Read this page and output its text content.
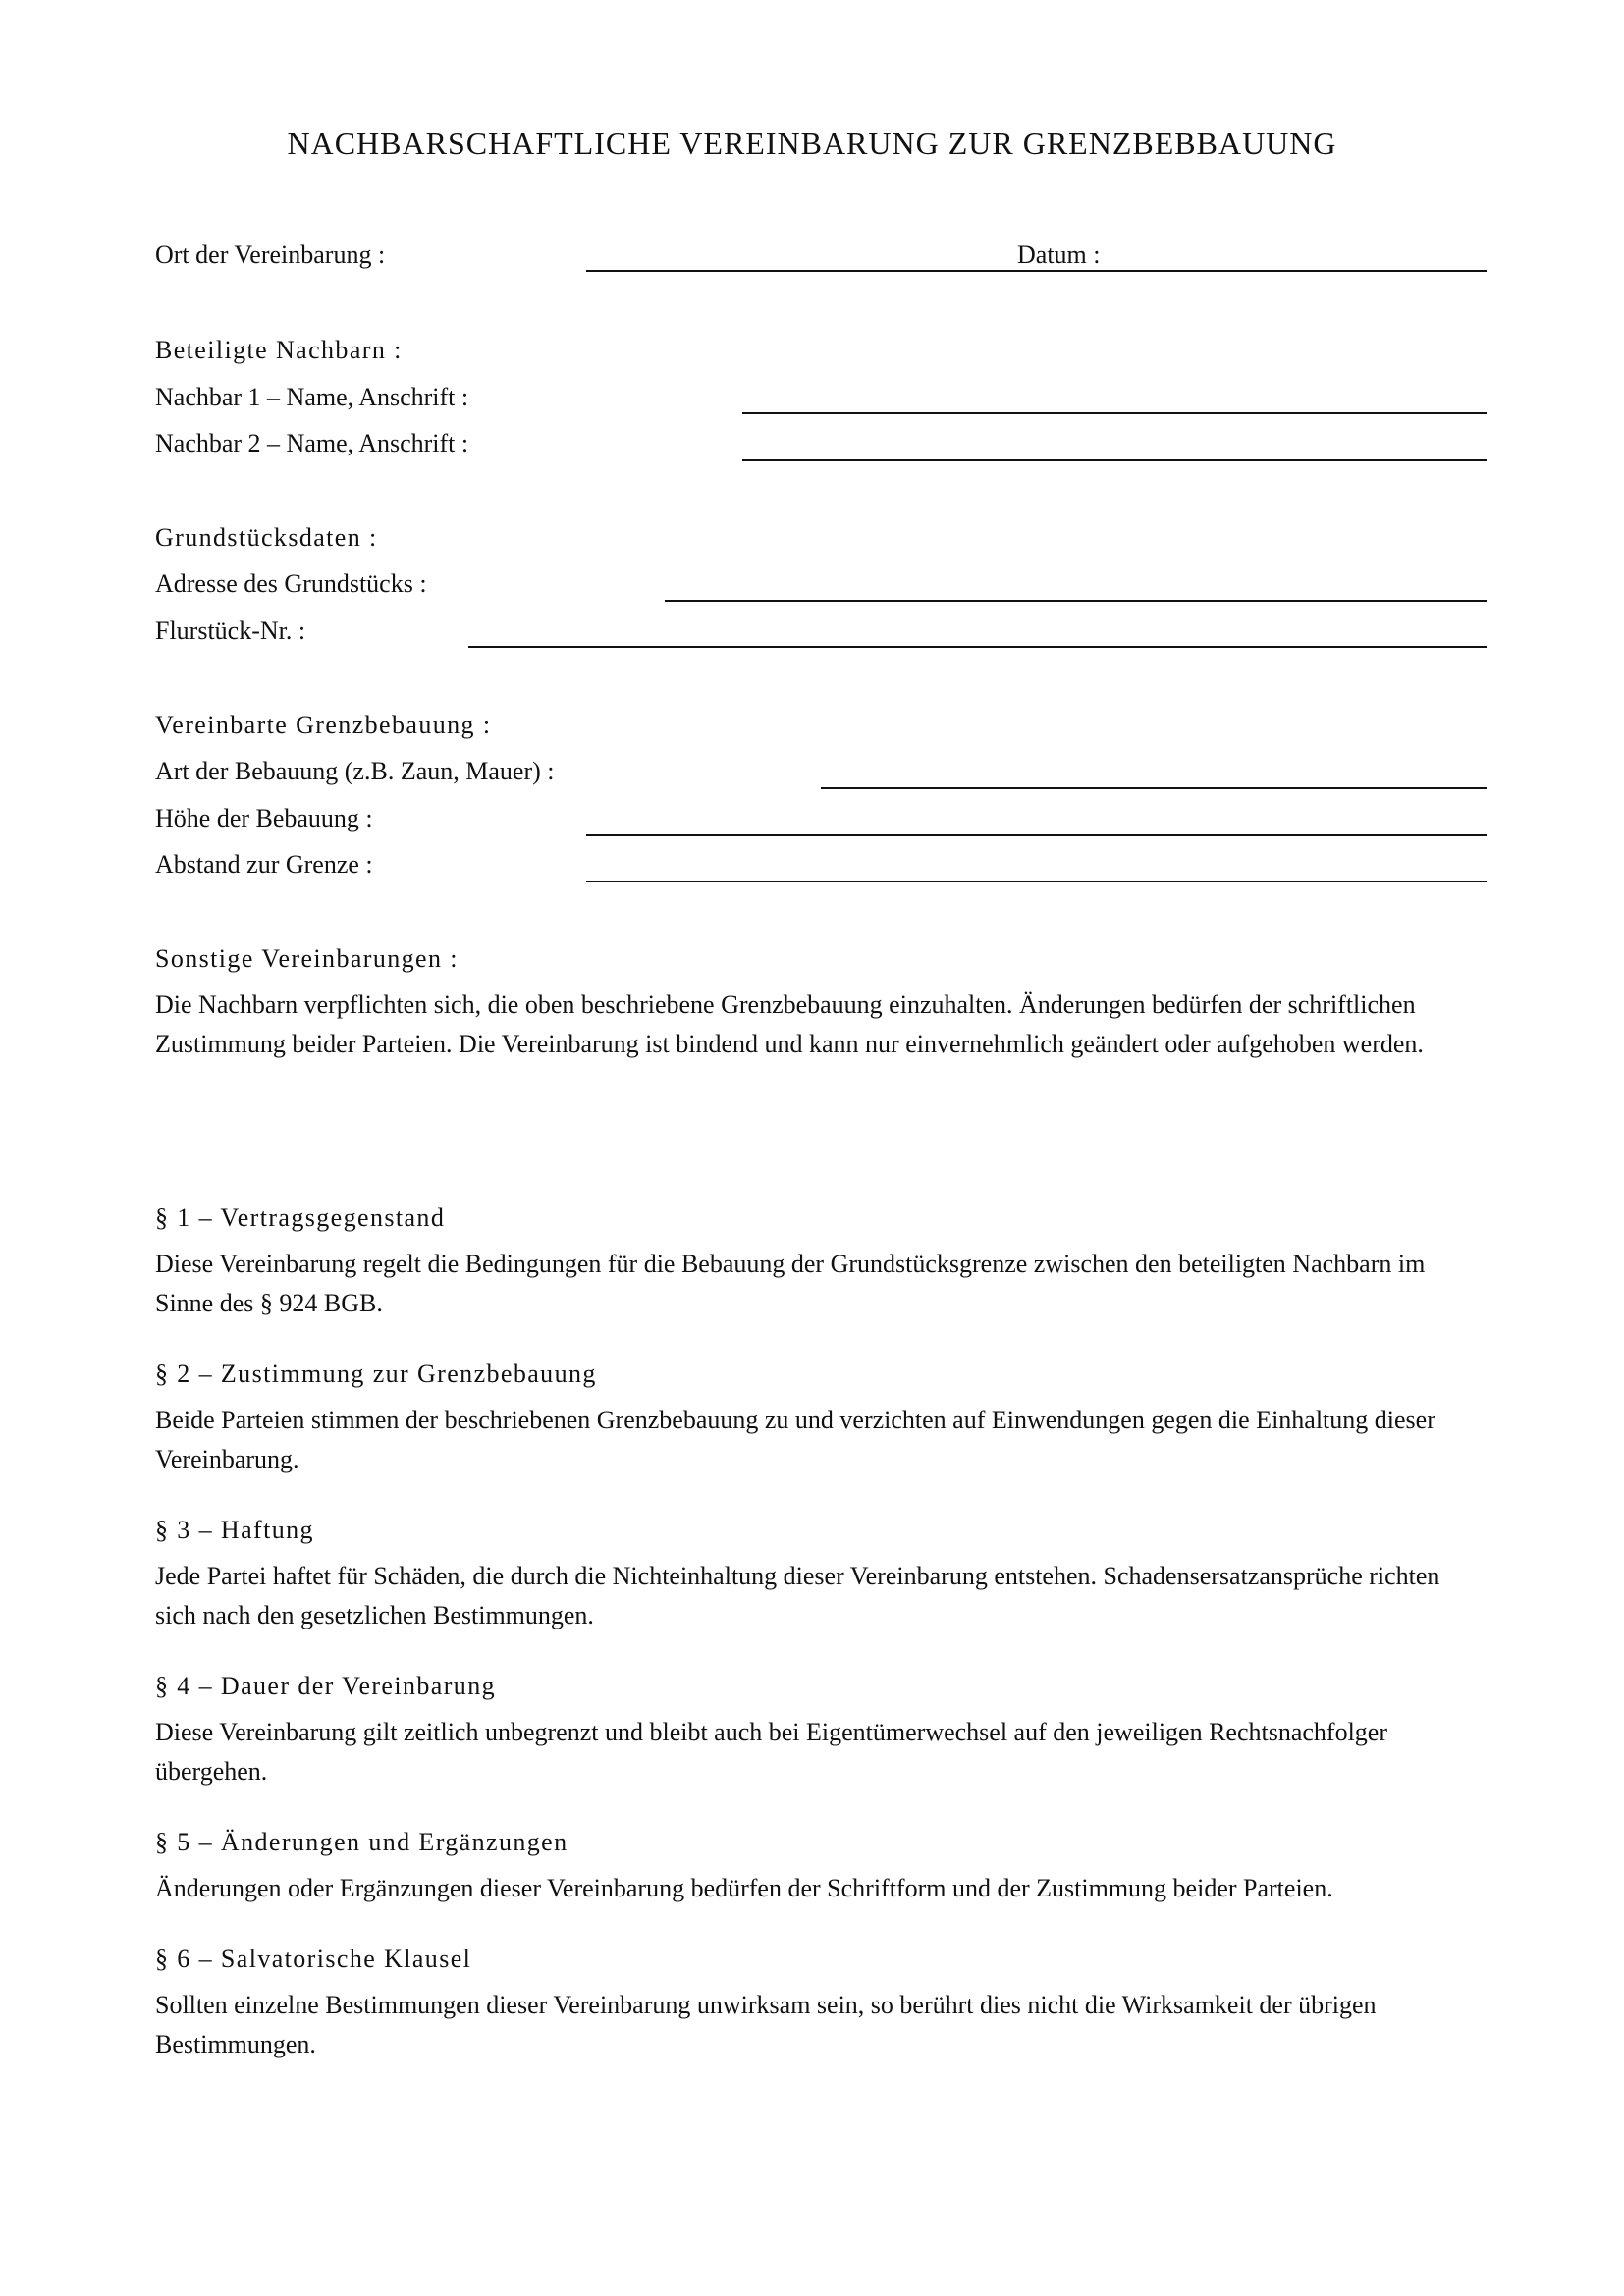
NACHBARSCHAFTLICHE VEREINBARUNG ZUR GRENZBEBBAUUNG
Ort der Vereinbarung :	Datum :
Beteiligte Nachbarn :
Nachbar 1 – Name, Anschrift :
Nachbar 2 – Name, Anschrift :
Grundstücksdaten :
Adresse des Grundstücks :
Flurstück-Nr. :
Vereinbarte Grenzbebauung :
Art der Bebauung (z.B. Zaun, Mauer) :
Höhe der Bebauung :
Abstand zur Grenze :
Sonstige Vereinbarungen :
Die Nachbarn verpflichten sich, die oben beschriebene Grenzbebauung einzuhalten. Änderungen bedürfen der schriftlichen Zustimmung beider Parteien. Die Vereinbarung ist bindend und kann nur einvernehmlich geändert oder aufgehoben werden.
§ 1 – Vertragsgegenstand
Diese Vereinbarung regelt die Bedingungen für die Bebauung der Grundstücksgrenze zwischen den beteiligten Nachbarn im Sinne des § 924 BGB.
§ 2 – Zustimmung zur Grenzbebauung
Beide Parteien stimmen der beschriebenen Grenzbebauung zu und verzichten auf Einwendungen gegen die Einhaltung dieser Vereinbarung.
§ 3 – Haftung
Jede Partei haftet für Schäden, die durch die Nichteinhaltung dieser Vereinbarung entstehen. Schadensersatzansprüche richten sich nach den gesetzlichen Bestimmungen.
§ 4 – Dauer der Vereinbarung
Diese Vereinbarung gilt zeitlich unbegrenzt und bleibt auch bei Eigentümerwechsel auf den jeweiligen Rechtsnachfolger übergehen.
§ 5 – Änderungen und Ergänzungen
Änderungen oder Ergänzungen dieser Vereinbarung bedürfen der Schriftform und der Zustimmung beider Parteien.
§ 6 – Salvatorische Klausel
Sollten einzelne Bestimmungen dieser Vereinbarung unwirksam sein, so berührt dies nicht die Wirksamkeit der übrigen Bestimmungen.
